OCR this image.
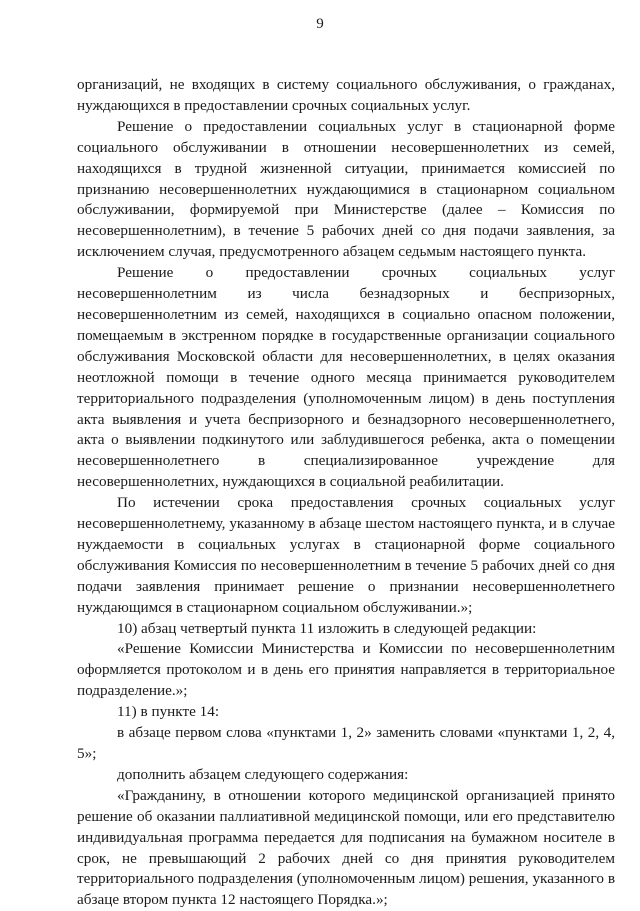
9

организаций, не входящих в систему социального обслуживания, о гражданах, нуждающихся в предоставлении срочных социальных услуг.

Решение о предоставлении социальных услуг в стационарной форме социального обслуживании в отношении несовершеннолетних из семей, находящихся в трудной жизненной ситуации, принимается комиссией по признанию несовершеннолетних нуждающимися в стационарном социальном обслуживании, формируемой при Министерстве (далее – Комиссия по несовершеннолетним), в течение 5 рабочих дней со дня подачи заявления, за исключением случая, предусмотренного абзацем седьмым настоящего пункта.

Решение о предоставлении срочных социальных услуг несовершеннолетним из числа безнадзорных и беспризорных, несовершеннолетним из семей, находящихся в социально опасном положении, помещаемым в экстренном порядке в государственные организации социального обслуживания Московской области для несовершеннолетних, в целях оказания неотложной помощи в течение одного месяца принимается руководителем территориального подразделения (уполномоченным лицом) в день поступления акта выявления и учета беспризорного и безнадзорного несовершеннолетнего, акта о выявлении подкинутого или заблудившегося ребенка, акта о помещении несовершеннолетнего в специализированное учреждение для несовершеннолетних, нуждающихся в социальной реабилитации.

По истечении срока предоставления срочных социальных услуг несовершеннолетнему, указанному в абзаце шестом настоящего пункта, и в случае нуждаемости в социальных услугах в стационарной форме социального обслуживания Комиссия по несовершеннолетним в течение 5 рабочих дней со дня подачи заявления принимает решение о признании несовершеннолетнего нуждающимся в стационарном социальном обслуживании.»;

10) абзац четвертый пункта 11 изложить в следующей редакции:

«Решение Комиссии Министерства и Комиссии по несовершеннолетним оформляется протоколом и в день его принятия направляется в территориальное подразделение.»;

11) в пункте 14:

в абзаце первом слова «пунктами 1, 2» заменить словами «пунктами 1, 2, 4, 5»;

дополнить абзацем следующего содержания:

«Гражданину, в отношении которого медицинской организацией принято решение об оказании паллиативной медицинской помощи, или его представителю индивидуальная программа передается для подписания на бумажном носителе в срок, не превышающий 2 рабочих дней со дня принятия руководителем территориального подразделения (уполномоченным лицом) решения, указанного в абзаце втором пункта 12 настоящего Порядка.»;
